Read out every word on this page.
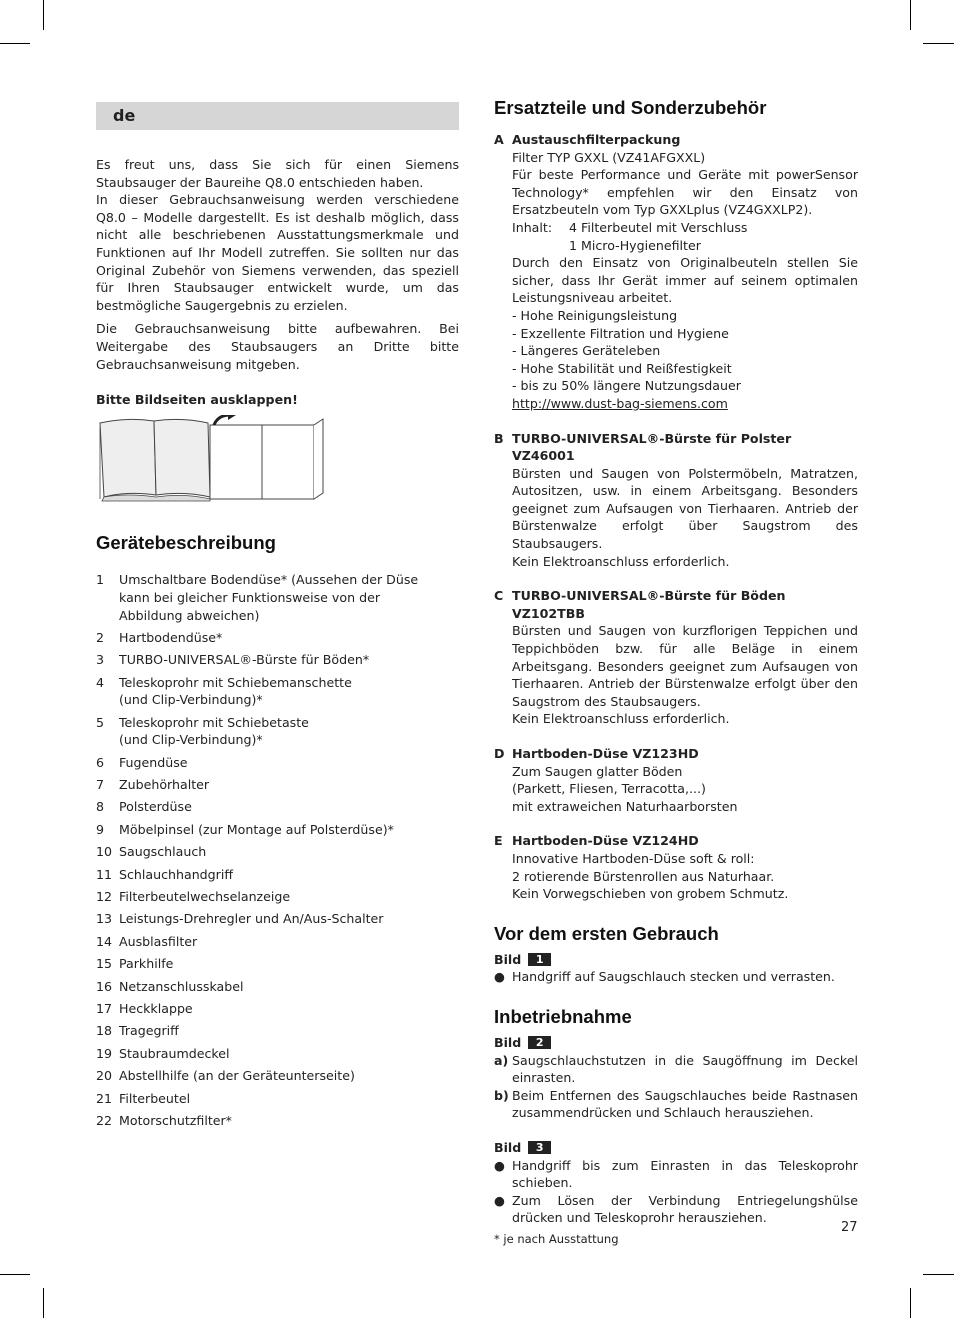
de

Es freut uns, dass Sie sich für einen Siemens Staubsauger der Baureihe Q8.0 entschieden haben.

In dieser Gebrauchsanweisung werden verschiedene Q8.0 – Modelle dargestellt. Es ist deshalb möglich, dass nicht alle beschriebenen Ausstattungsmerkmale und Funktionen auf Ihr Modell zutreffen. Sie sollten nur das Original Zubehör von Siemens verwenden, das speziell für Ihren Staubsauger entwickelt wurde, um das bestmögliche Saugergebnis zu erzielen.

Die Gebrauchsanweisung bitte aufbewahren. Bei Weitergabe des Staubsaugers an Dritte bitte Gebrauchsanweisung mitgeben.

Bitte Bildseiten ausklappen!

Gerätebeschreibung
1	Umschaltbare Bodendüse* (Aussehen der Düse kann bei gleicher Funktionsweise von der Abbildung abweichen)
2	Hartbodendüse*
3	TURBO-UNIVERSAL®-Bürste für Böden*
4	Teleskoprohr mit Schiebemanschette (und Clip-Verbindung)*
5	Teleskoprohr mit Schiebetaste (und Clip-Verbindung)*
6	Fugendüse
7	Zubehörhalter
8	Polsterdüse
9	Möbelpinsel (zur Montage auf Polsterdüse)*
10 Saugschlauch
11 Schlauchhandgriff
12 Filterbeutelwechselanzeige
13 Leistungs-Drehregler und An/Aus-Schalter
14 Ausblasfilter
15 Parkhilfe
16 Netzanschlusskabel
17 Heckklappe
18 Tragegriff
19 Staubraumdeckel
20 Abstellhilfe (an der Geräteunterseite)
21 Filterbeutel
22 Motorschutzfilter*
Ersatzteile und Sonderzubehör
A Austauschfilterpackung
Filter TYP GXXL (VZ41AFGXXL)
Für beste Performance und Geräte mit powerSensor Technology* empfehlen wir den Einsatz von Ersatzbeuteln vom Typ GXXLplus (VZ4GXXLP2).
Inhalt:	4 Filterbeutel mit Verschluss
1 Micro-Hygienefilter
Durch den Einsatz von Originalbeuteln stellen Sie sicher, dass Ihr Gerät immer auf seinem optimalen Leistungsniveau arbeitet.
- Hohe Reinigungsleistung
- Exzellente Filtration und Hygiene
- Längeres Geräteleben
- Hohe Stabilität und Reißfestigkeit
- bis zu 50% längere Nutzungsdauer
http://www.dust-bag-siemens.com
B TURBO-UNIVERSAL®-Bürste für Polster VZ46001
Bürsten und Saugen von Polstermöbeln, Matratzen, Autositzen, usw. in einem Arbeitsgang. Besonders geeignet zum Aufsaugen von Tierhaaren. Antrieb der Bürstenwalze erfolgt über Saugstrom des Staubsaugers.
Kein Elektroanschluss erforderlich.
C TURBO-UNIVERSAL®-Bürste für Böden VZ102TBB
Bürsten und Saugen von kurzflorigen Teppichen und Teppichböden bzw. für alle Beläge in einem Arbeitsgang. Besonders geeignet zum Aufsaugen von Tierhaaren. Antrieb der Bürstenwalze erfolgt über den Saugstrom des Staubsaugers.
Kein Elektroanschluss erforderlich.
D Hartboden-Düse VZ123HD
Zum Saugen glatter Böden
(Parkett, Fliesen, Terracotta,...)
mit extraweichen Naturhaarborsten
E Hartboden-Düse VZ124HD
Innovative Hartboden-Düse soft & roll:
2 rotierende Bürstenrollen aus Naturhaar.
Kein Vorwegschieben von grobem Schmutz.
Vor dem ersten Gebrauch
Bild	1
● Handgriff auf Saugschlauch stecken und verrasten.
Inbetriebnahme
Bild	2
a) Saugschlauchstutzen in die Saugöffnung im Deckel einrasten.
b) Beim Entfernen des Saugschlauches beide Rastnasen zusammendrücken und Schlauch herausziehen.
Bild	3
● Handgriff bis zum Einrasten in das Teleskoprohr schieben.
● Zum Lösen der Verbindung Entriegelungshülse drücken und Teleskoprohr herausziehen.
* je nach Ausstattung
27
